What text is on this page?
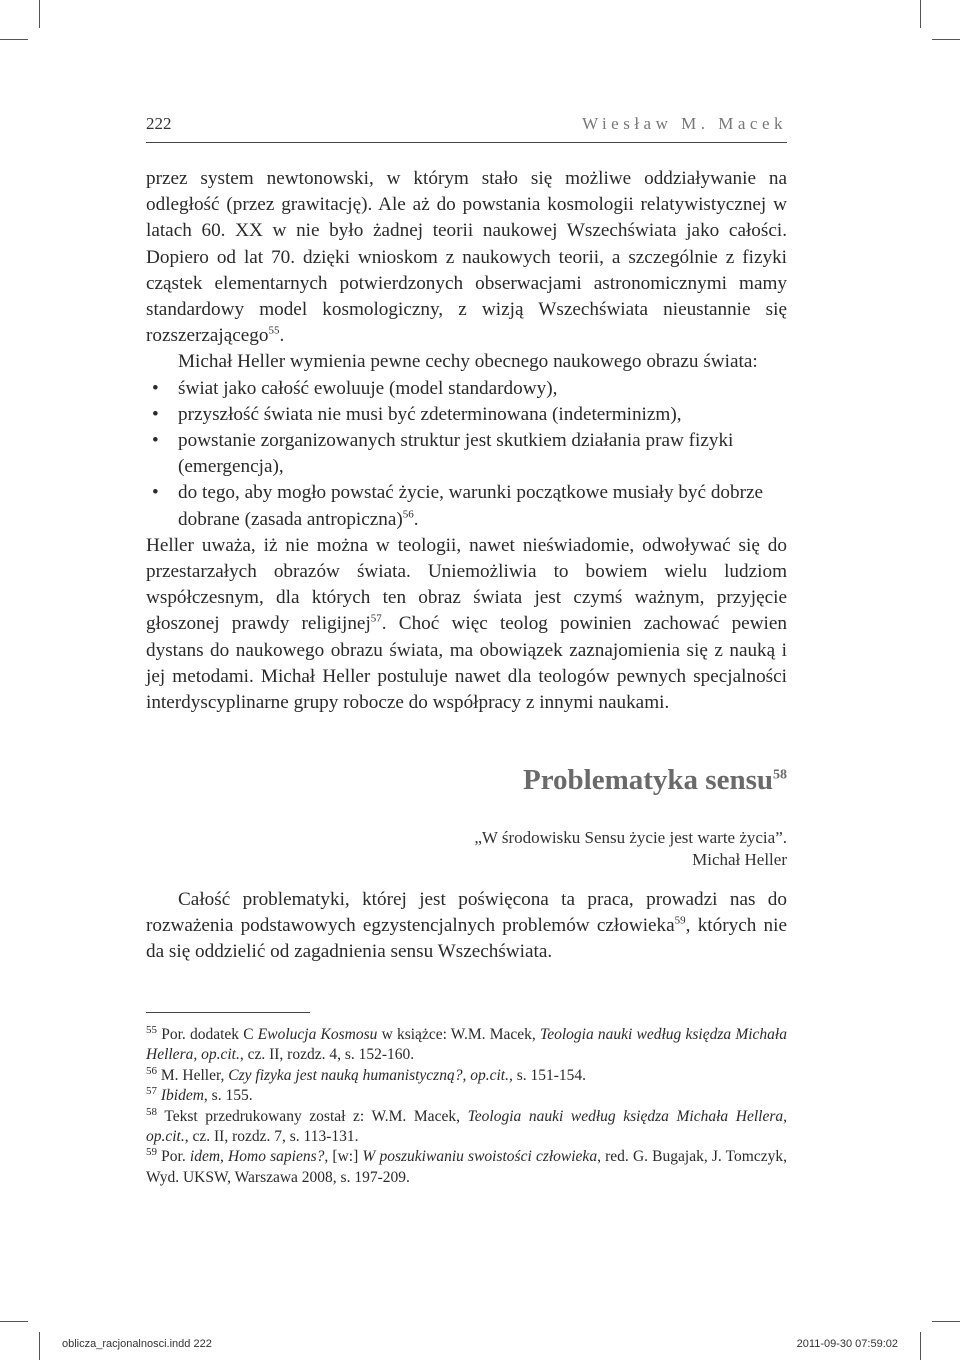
222	Wiesław M. Macek

przez system newtonowski, w którym stało się możliwe oddziaływanie na odległość (przez grawitację). Ale aż do powstania kosmologii relatywistycznej w latach 60. XX w nie było żadnej teorii naukowej Wszechświata jako całości. Dopiero od lat 70. dzięki wnioskom z naukowych teorii, a szczególnie z fizyki cząstek elementarnych potwierdzonych obserwacjami astronomicznymi mamy standardowy model kosmologiczny, z wizją Wszechświata nieustannie się rozszerzającego$^{55}$.

Michał Heller wymienia pewne cechy obecnego naukowego obrazu świata:

• świat jako całość ewoluuje (model standardowy),
• przyszłość świata nie musi być zdeterminowana (indeterminizm),
• powstanie zorganizowanych struktur jest skutkiem działania praw fizyki (emergencja),
• do tego, aby mogło powstać życie, warunki początkowe musiały być dobrze dobrane (zasada antropiczna)$^{56}$.

Heller uważa, iż nie można w teologii, nawet nieświadomie, odwoływać się do przestarzałych obrazów świata. Uniemożliwia to bowiem wielu ludziom współczesnym, dla których ten obraz świata jest czymś ważnym, przyjęcie głoszonej prawdy religijnej$^{57}$. Choć więc teolog powinien zachować pewien dystans do naukowego obrazu świata, ma obowiązek zaznajomienia się z nauką i jej metodami. Michał Heller postuluje nawet dla teologów pewnych specjalności interdyscyplinarne grupy robocze do współpracy z innymi naukami.

Problematyka sensu$^{58}$
„W środowisku Sensu życie jest warte życia”.
Michał Heller

Całość problematyki, której jest poświęcona ta praca, prowadzi nas do rozważenia podstawowych egzystencjalnych problemów człowieka$^{59}$, których nie da się oddzielić od zagadnienia sensu Wszechświata.

$^{55}$ Por. dodatek C Ewolucja Kosmosu w książce: W.M. Macek, Teologia nauki według księdza Michała Hellera, op.cit., cz. II, rozdz. 4, s. 152-160.

$^{56}$ M. Heller, Czy fizyka jest nauką humanistyczną?, op.cit., s. 151-154.

$^{57}$ Ibidem, s. 155.

$^{58}$ Tekst przedrukowany został z: W.M. Macek, Teologia nauki według księdza Michała Hellera, op.cit., cz. II, rozdz. 7, s. 113-131.

$^{59}$ Por. idem, Homo sapiens?, [w:] W poszukiwaniu swoistości człowieka, red. G. Bugajak, J. Tomczyk, Wyd. UKSW, Warszawa 2008, s. 197-209.

oblicza_racjonalnosci.indd 222	2011-09-30 07:59:02
